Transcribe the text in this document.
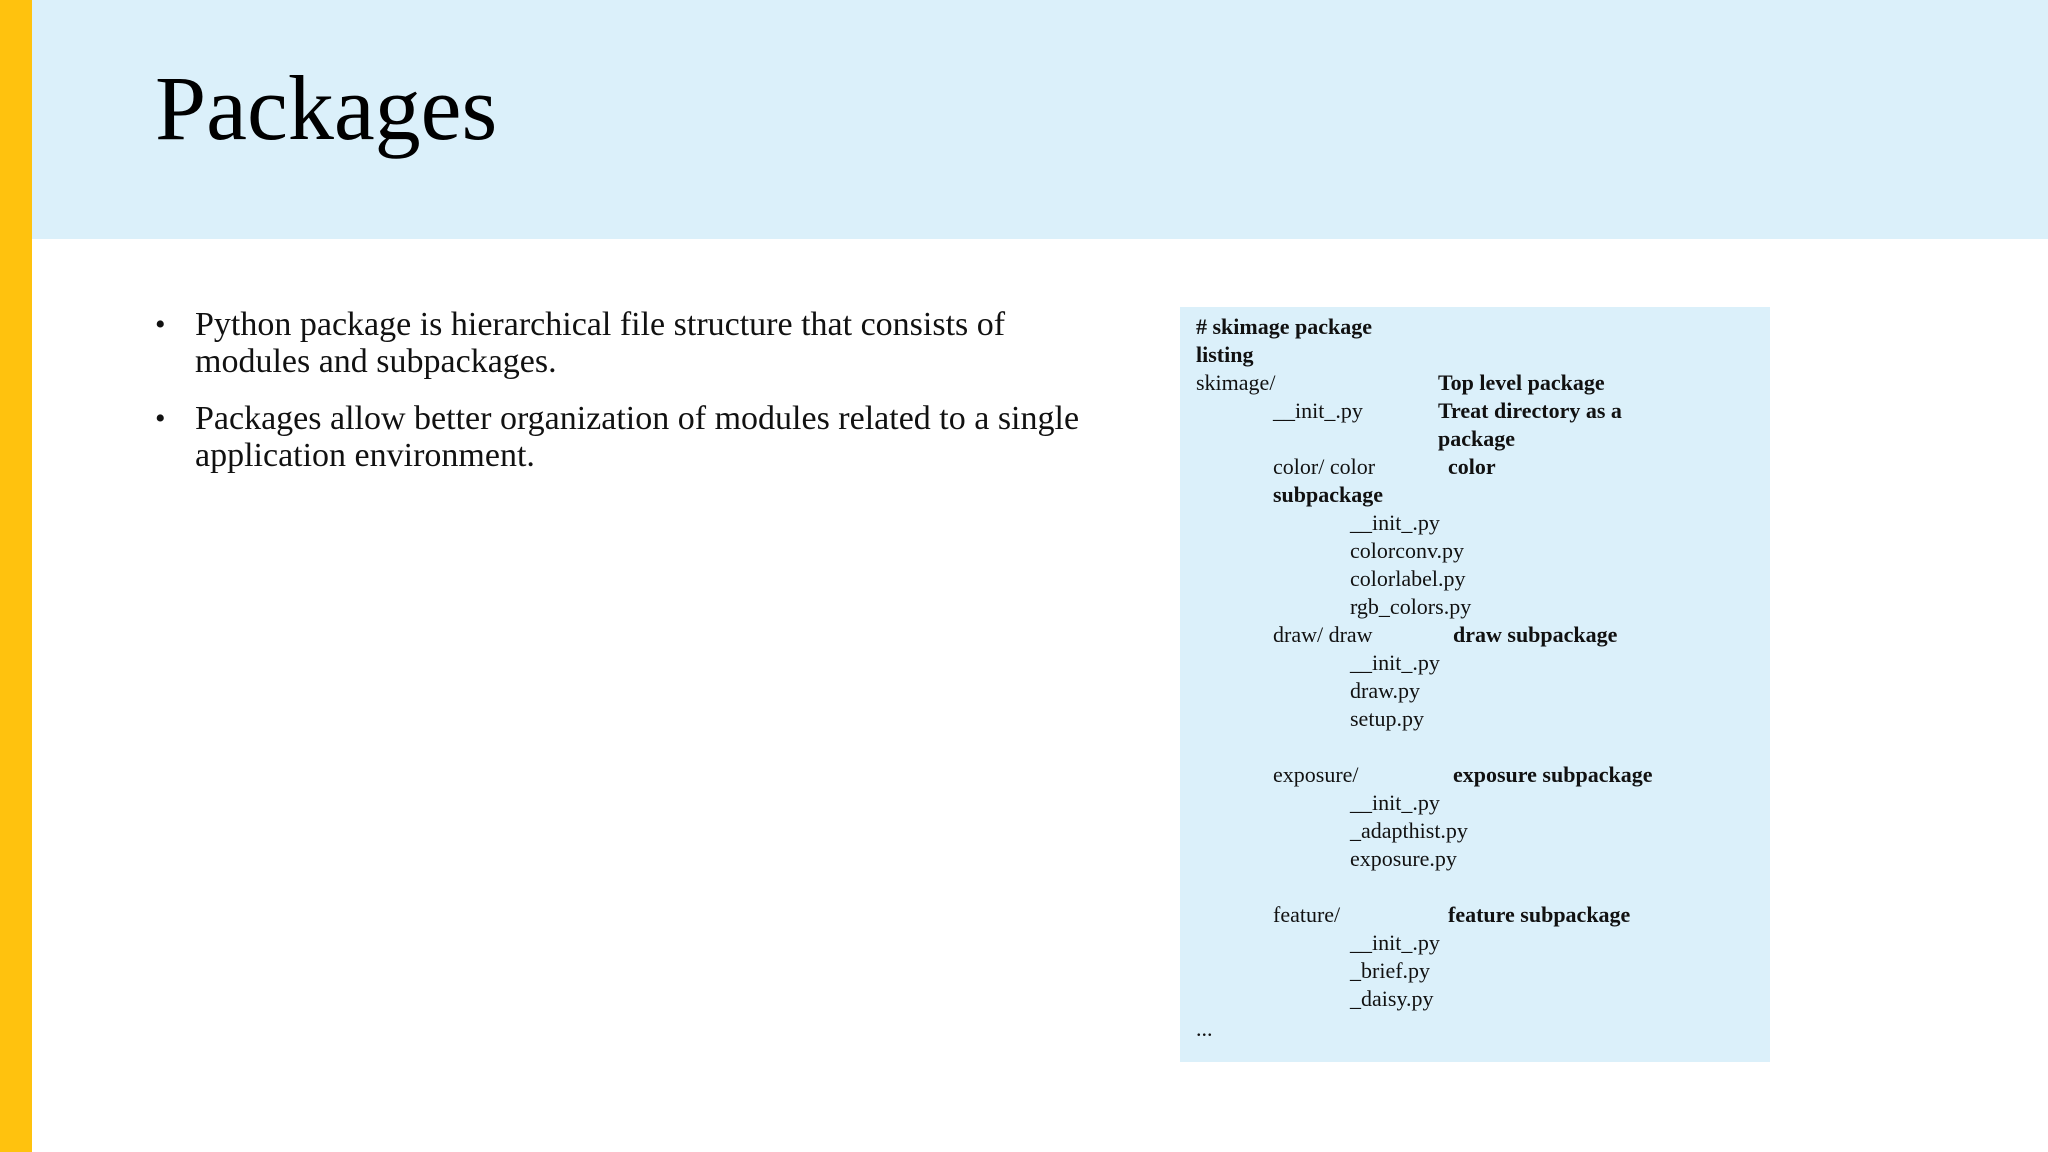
Packages
• Python package is hierarchical file structure that consists of
modules and subpackages.
• Packages allow better organization of modules related to a single
application environment.
# skimage package
listing
skimage/	Top level package
__init_.py	Treat directory as a
package
color/ color	color
subpackage
__init_.py
colorconv.py
colorlabel.py
rgb_colors.py
draw/ draw	draw subpackage
__init_.py
draw.py
setup.py
exposure/	exposure subpackage
__init_.py
_adapthist.py
exposure.py
feature/	feature subpackage
__init_.py
_brief.py
_daisy.py
...
